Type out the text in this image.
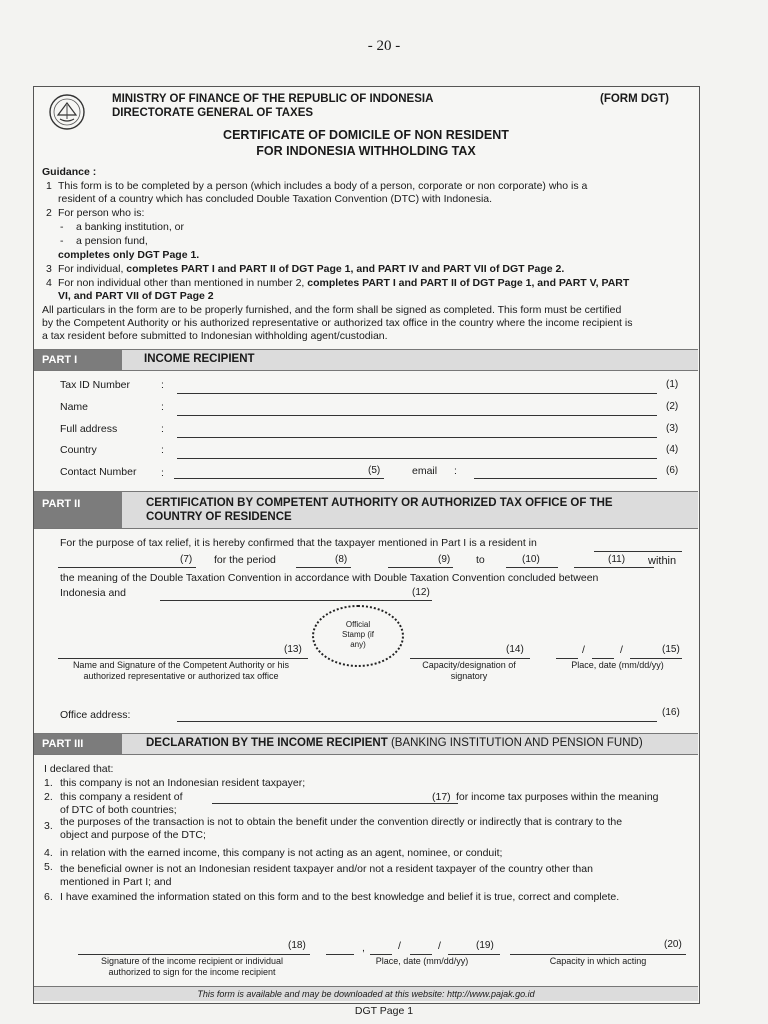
- 20 -
MINISTRY OF FINANCE OF THE REPUBLIC OF INDONESIA
DIRECTORATE GENERAL OF TAXES
(FORM DGT)
CERTIFICATE OF DOMICILE OF NON RESIDENT
FOR INDONESIA WITHHOLDING TAX
Guidance :
1 This form is to be completed by a person (which includes a body of a person, corporate or non corporate) who is a
resident of a country which has concluded Double Taxation Convention (DTC) with Indonesia.
2 For person who is:
- a banking institution, or
- a pension fund,
completes only DGT Page 1.
3 For individual, completes PART I and PART II of DGT Page 1, and PART IV and PART VII of DGT Page 2.
4 For non individual other than mentioned in number 2, completes PART I and PART II of DGT Page 1, and PART V, PART
VI, and PART VII of DGT Page 2
All particulars in the form are to be properly furnished, and the form shall be signed as completed. This form must be certified
by the Competent Authority or his authorized representative or authorized tax office in the country where the income recipient is
a tax resident before submitted to Indonesian withholding agent/custodian.
PART I	INCOME RECIPIENT
Tax ID Number	:	(1)
Name	:	(2)
Full address	:	(3)
Country	:	(4)
Contact Number :	(5)	email :	(6)
PART II	CERTIFICATION BY COMPETENT AUTHORITY OR AUTHORIZED TAX OFFICE OF THE
COUNTRY OF RESIDENCE
For the purpose of tax relief, it is hereby confirmed that the taxpayer mentioned in Part I is a resident in
(7) for the period	(8)	(9) to	(10)	(11) within
the meaning of the Double Taxation Convention in accordance with Double Taxation Convention concluded between
Indonesia and	(12)
Official
Stamp (if
any)
(13)	(14)	/	/	(15)
Name and Signature of the Competent Authority or his
authorized representative or authorized tax office
Capacity/designation of
signatory
Place, date (mm/dd/yy)
Office address:	(16)
PART III	DECLARATION BY THE INCOME RECIPIENT (BANKING INSTITUTION AND PENSION FUND)
I declared that:
1. this company is not an Indonesian resident taxpayer;
2. this company a resident of	(17) for income tax purposes within the meaning
of DTC of both countries;
3. the purposes of the transaction is not to obtain the benefit under the convention directly or indirectly that is contrary to the
object and purpose of the DTC;
4. in relation with the earned income, this company is not acting as an agent, nominee, or conduit;
5. the beneficial owner is not an Indonesian resident taxpayer and/or not a resident taxpayer of the country other than
mentioned in Part I; and
6. I have examined the information stated on this form and to the best knowledge and belief it is true, correct and complete.
(18)	,	/	/	(19)	(20)
Signature of the income recipient or individual
authorized to sign for the income recipient
Place, date (mm/dd/yy)	Capacity in which acting
This form is available and may be downloaded at this website: http://www.pajak.go.id
DGT Page 1
